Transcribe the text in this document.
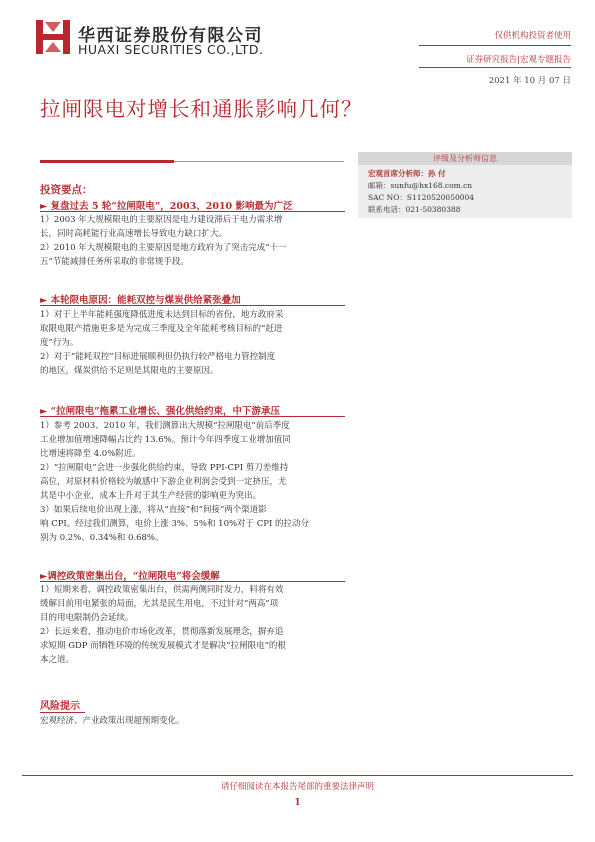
华西证券股份有限公司
HUAXI SECURITIES CO.,LTD.
仅供机构投资者使用
证券研究报告|宏观专题报告
2021 年 10 月 07 日
拉闸限电对增长和通胀影响几何？
评级及分析师信息
宏观首席分析师：孙 付
邮箱：sunfu@hx168.com.cn
SAC NO：S1120520050004
联系电话：021-50380388
投资要点：
► 复盘过去 5 轮“拉闸限电”，2003、2010 影响最为广泛
1）2003 年大规模限电的主要原因是电力建设滞后于电力需求增
长，同时高耗能行业高速增长导致电力缺口扩大。
2）2010 年大规模限电的主要原因是地方政府为了突击完成“十一
五”节能减排任务所采取的非常规手段。
► 本轮限电原因：能耗双控与煤炭供给紧张叠加
1）对于上半年能耗强度降低进度未达到目标的省份，地方政府采
取限电限产措施更多是为完成三季度及全年能耗考核目标的“赶进
度”行为。
2）对于“能耗双控”目标进展顺利但仍执行较严格电力管控制度
的地区，煤炭供给不足则是其限电的主要原因。
► “拉闸限电”拖累工业增长、强化供给约束，中下游承压
1）参考 2003、2010 年，我们测算出大规模“拉闸限电”前后季度
工业增加值增速降幅占比约 13.6%。预计今年四季度工业增加值同
比增速将降至 4.0%附近。
2）“拉闸限电”会进一步强化供给约束，导致 PPI-CPI 剪刀差维持
高位，对原材料价格较为敏感中下游企业利润会受到一定挤压，尤
其是中小企业，成本上升对于其生产经营的影响更为突出。
3）如果后续电价出现上涨，将从“直接”和“间接”两个渠道影
响 CPI。经过我们测算，电价上涨 3%、5%和 10%对于 CPI 的拉动分
别为 0.2%、0.34%和 0.68%。
►调控政策密集出台，“拉闸限电”将会缓解
1）短期来看，调控政策密集出台，供需两侧同时发力，料将有效
缓解目前用电紧张的局面，尤其是民生用电，不过针对“两高”项
目的用电限制仍会延续。
2）长远来看，推动电价市场化改革，贯彻落新发展理念，摒弃追
求短期 GDP 而牺牲环境的传统发展模式才是解决“拉闸限电”的根
本之道。
风险提示
宏观经济、产业政策出现超预期变化。
请仔细阅读在本报告尾部的重要法律声明
1
